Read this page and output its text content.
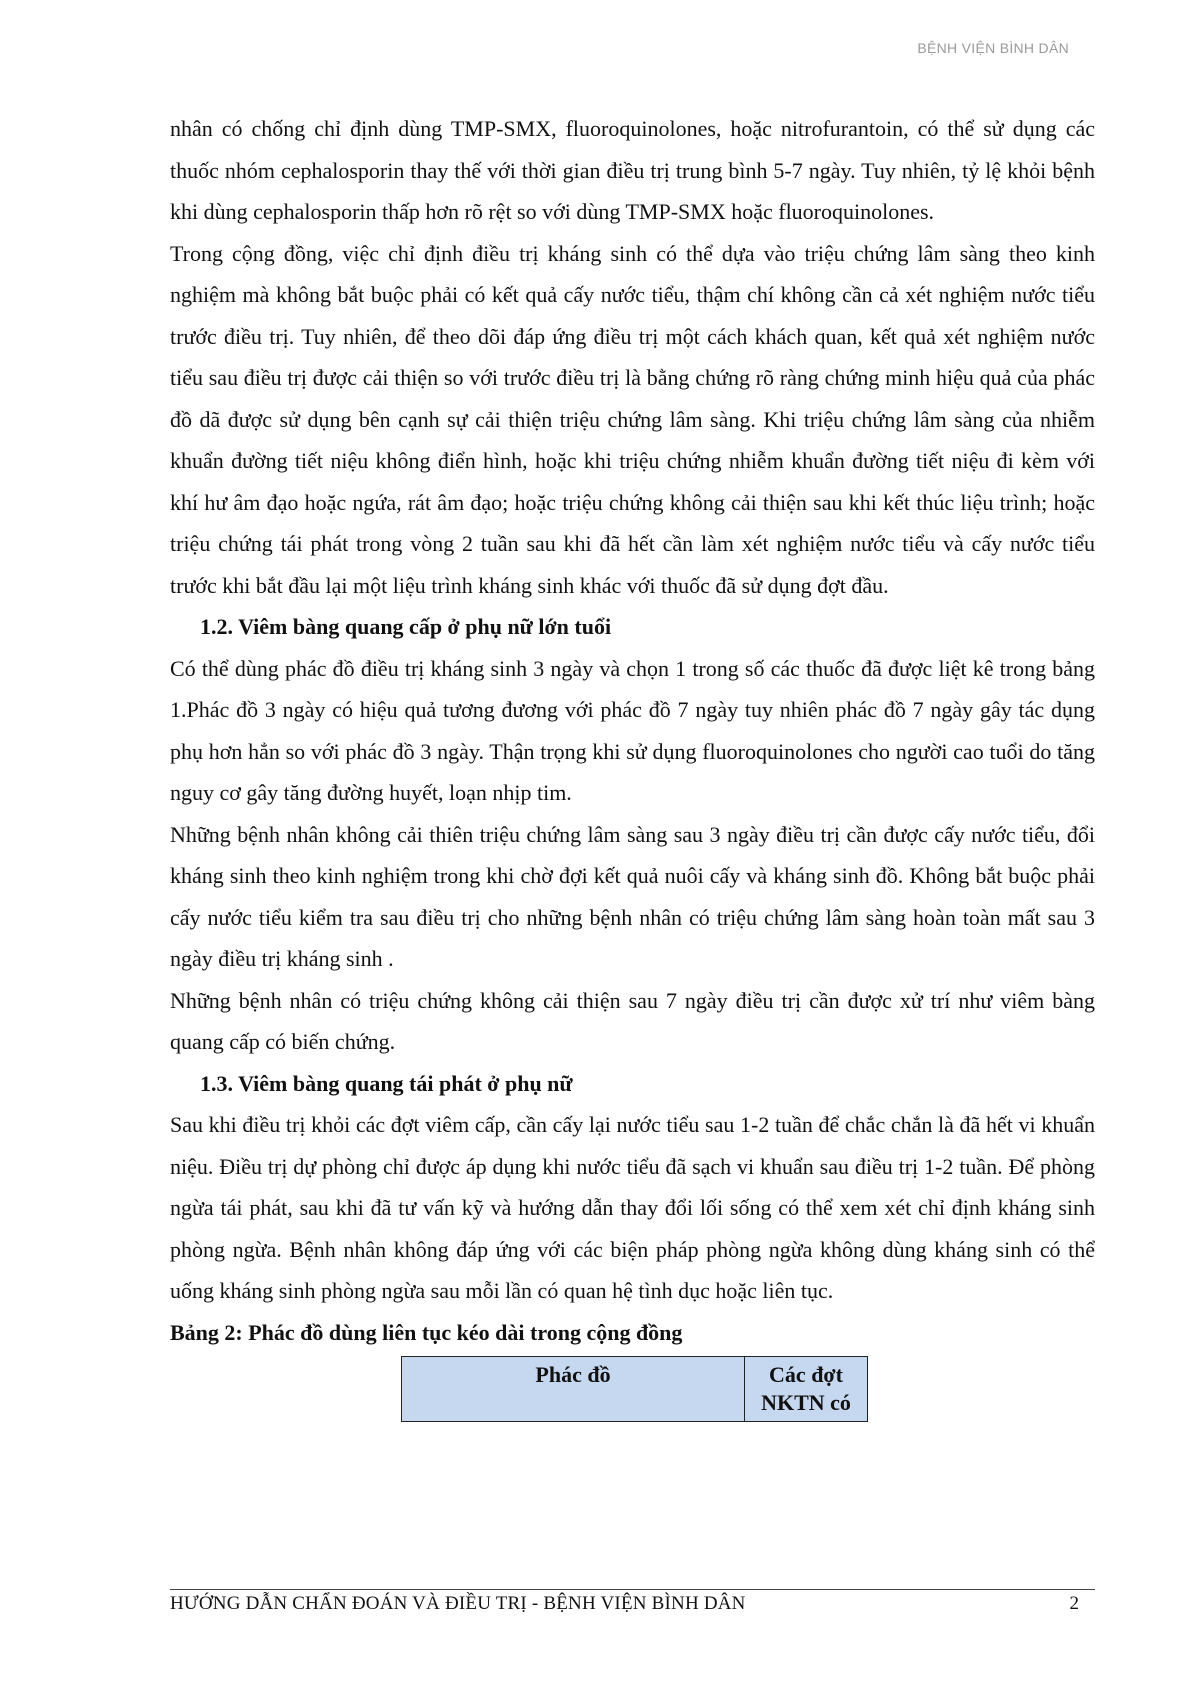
BỆNH VIỆN BÌNH DÂN

nhân có chống chỉ định dùng TMP-SMX, fluoroquinolones, hoặc nitrofurantoin, có thể sử dụng các thuốc nhóm cephalosporin thay thế với thời gian điều trị trung bình 5-7 ngày. Tuy nhiên, tỷ lệ khỏi bệnh khi dùng cephalosporin thấp hơn rõ rệt so với dùng TMP-SMX hoặc fluoroquinolones.

Trong cộng đồng, việc chỉ định điều trị kháng sinh có thể dựa vào triệu chứng lâm sàng theo kinh nghiệm mà không bắt buộc phải có kết quả cấy nước tiểu, thậm chí không cần cả xét nghiệm nước tiểu trước điều trị. Tuy nhiên, để theo dõi đáp ứng điều trị một cách khách quan, kết quả xét nghiệm nước tiểu sau điều trị được cải thiện so với trước điều trị là bằng chứng rõ ràng chứng minh hiệu quả của phác đồ dã được sử dụng bên cạnh sự cải thiện triệu chứng lâm sàng. Khi triệu chứng lâm sàng của nhiễm khuẩn đường tiết niệu không điển hình, hoặc khi triệu chứng nhiễm khuẩn đường tiết niệu đi kèm với khí hư âm đạo hoặc ngứa, rát âm đạo; hoặc triệu chứng không cải thiện sau khi kết thúc liệu trình; hoặc triệu chứng tái phát trong vòng 2 tuần sau khi đã hết cần làm xét nghiệm nước tiểu và cấy nước tiểu trước khi bắt đầu lại một liệu trình kháng sinh khác với thuốc đã sử dụng đợt đầu.

1.2. Viêm bàng quang cấp ở phụ nữ lớn tuổi

Có thể dùng phác đồ điều trị kháng sinh 3 ngày và chọn 1 trong số các thuốc đã được liệt kê trong bảng 1.Phác đồ 3 ngày có hiệu quả tương đương với phác đồ 7 ngày tuy nhiên phác đồ 7 ngày gây tác dụng phụ hơn hẳn so với phác đồ 3 ngày. Thận trọng khi sử dụng fluoroquinolones cho người cao tuổi do tăng nguy cơ gây tăng đường huyết, loạn nhịp tim.

Những bệnh nhân không cải thiên triệu chứng lâm sàng sau 3 ngày điều trị cần được cấy nước tiểu, đổi kháng sinh theo kinh nghiệm trong khi chờ đợi kết quả nuôi cấy và kháng sinh đồ. Không bắt buộc phải cấy nước tiểu kiểm tra sau điều trị cho những bệnh nhân có triệu chứng lâm sàng hoàn toàn mất sau 3 ngày điều trị kháng sinh .

Những bệnh nhân có triệu chứng không cải thiện sau 7 ngày điều trị cần được xử trí như viêm bàng quang cấp có biến chứng.

1.3. Viêm bàng quang tái phát ở phụ nữ

Sau khi điều trị khỏi các đợt viêm cấp, cần cấy lại nước tiểu sau 1-2 tuần để chắc chắn là đã hết vi khuẩn niệu. Điều trị dự phòng chỉ được áp dụng khi nước tiểu đã sạch vi khuẩn sau điều trị 1-2 tuần. Để phòng ngừa tái phát, sau khi đã tư vấn kỹ và hướng dẫn thay đổi lối sống có thể xem xét chỉ định kháng sinh phòng ngừa. Bệnh nhân không đáp ứng với các biện pháp phòng ngừa không dùng kháng sinh có thể uống kháng sinh phòng ngừa sau mỗi lần có quan hệ tình dục hoặc liên tục.

Bảng 2: Phác đồ dùng liên tục kéo dài trong cộng đồng

Phác đồ	Các đợt
NKTN có
HƯỚNG DẪN CHẨN ĐOÁN VÀ ĐIỀU TRỊ - BỆNH VIỆN BÌNH DÂN	2
